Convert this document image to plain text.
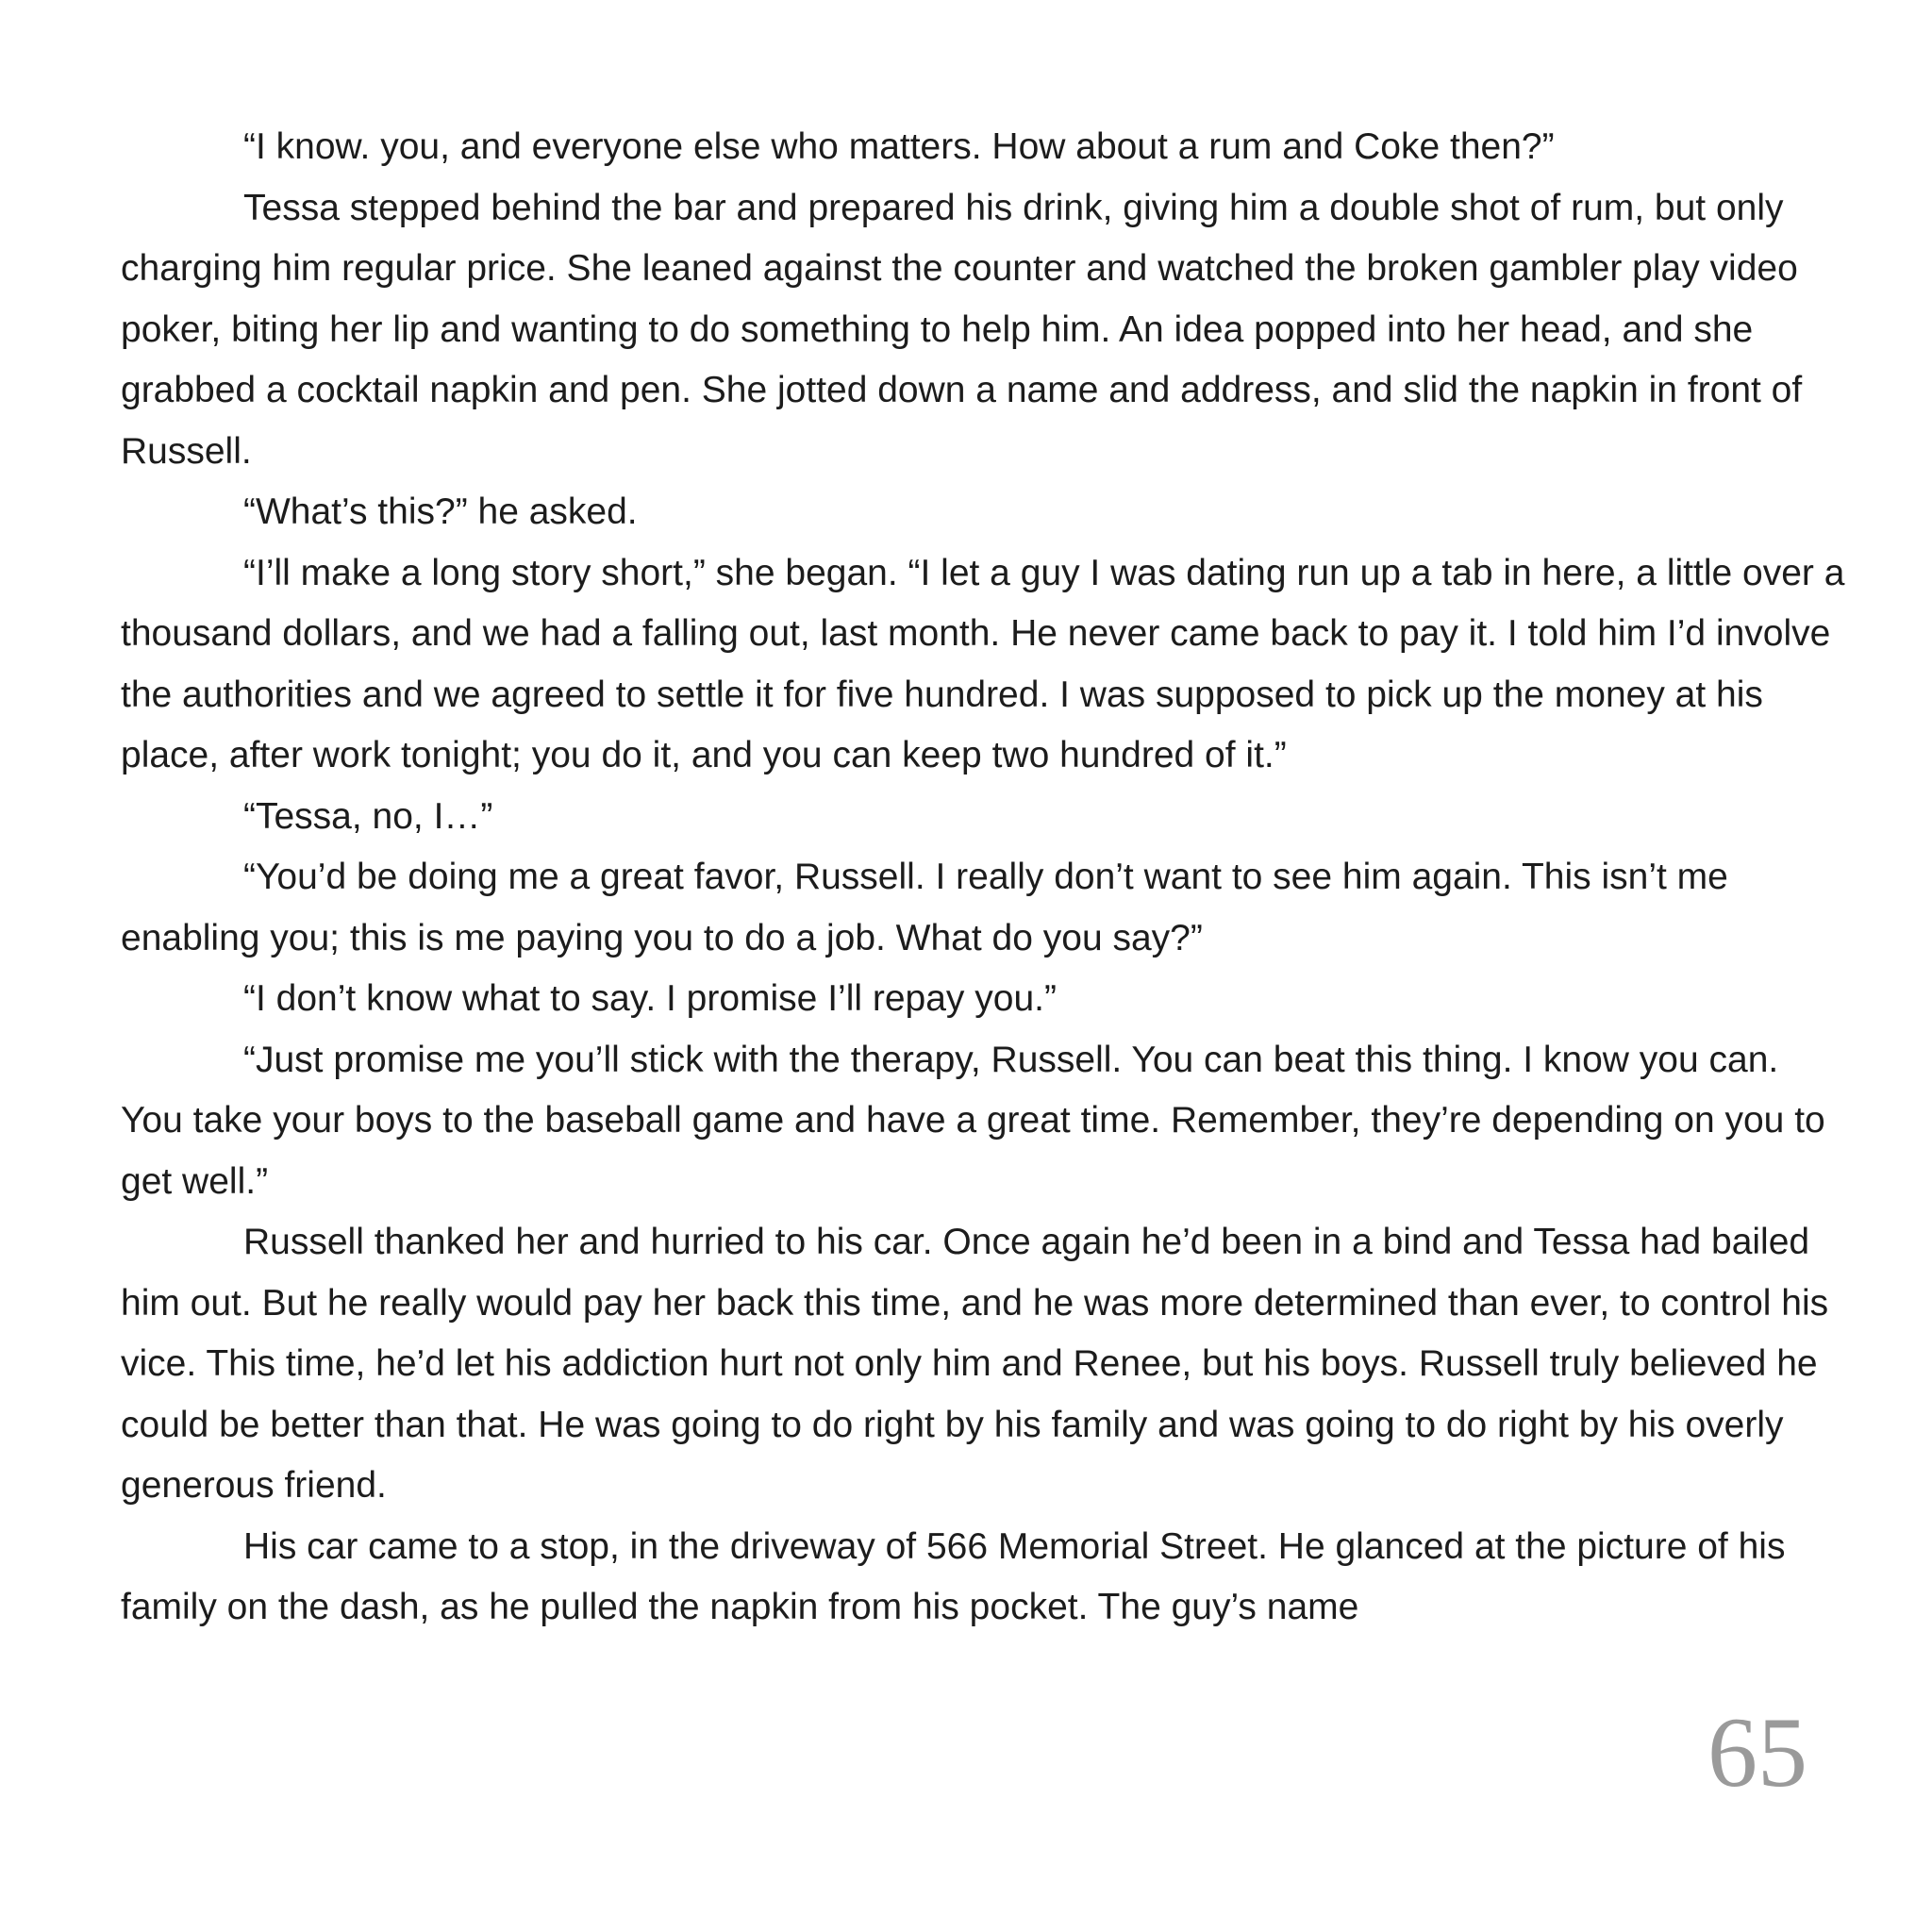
“I know. you, and everyone else who matters. How about a rum and Coke then?”

Tessa stepped behind the bar and prepared his drink, giving him a double shot of rum, but only charging him regular price. She leaned against the counter and watched the broken gambler play video poker, biting her lip and wanting to do something to help him. An idea popped into her head, and she grabbed a cocktail napkin and pen. She jotted down a name and address, and slid the napkin in front of Russell.

“What’s this?” he asked.

“I’ll make a long story short,” she began. “I let a guy I was dating run up a tab in here, a little over a thousand dollars, and we had a falling out, last month. He never came back to pay it. I told him I’d involve the authorities and we agreed to settle it for five hundred. I was supposed to pick up the money at his place, after work tonight; you do it, and you can keep two hundred of it.”

“Tessa, no, I…”

“You’d be doing me a great favor, Russell. I really don’t want to see him again. This isn’t me enabling you; this is me paying you to do a job. What do you say?”

“I don’t know what to say. I promise I’ll repay you.”

“Just promise me you’ll stick with the therapy, Russell. You can beat this thing. I know you can. You take your boys to the baseball game and have a great time. Remember, they’re depending on you to get well.”

Russell thanked her and hurried to his car. Once again he’d been in a bind and Tessa had bailed him out. But he really would pay her back this time, and he was more determined than ever, to control his vice. This time, he’d let his addiction hurt not only him and Renee, but his boys. Russell truly believed he could be better than that. He was going to do right by his family and was going to do right by his overly generous friend.

His car came to a stop, in the driveway of 566 Memorial Street. He glanced at the picture of his family on the dash, as he pulled the napkin from his pocket. The guy’s name

65
